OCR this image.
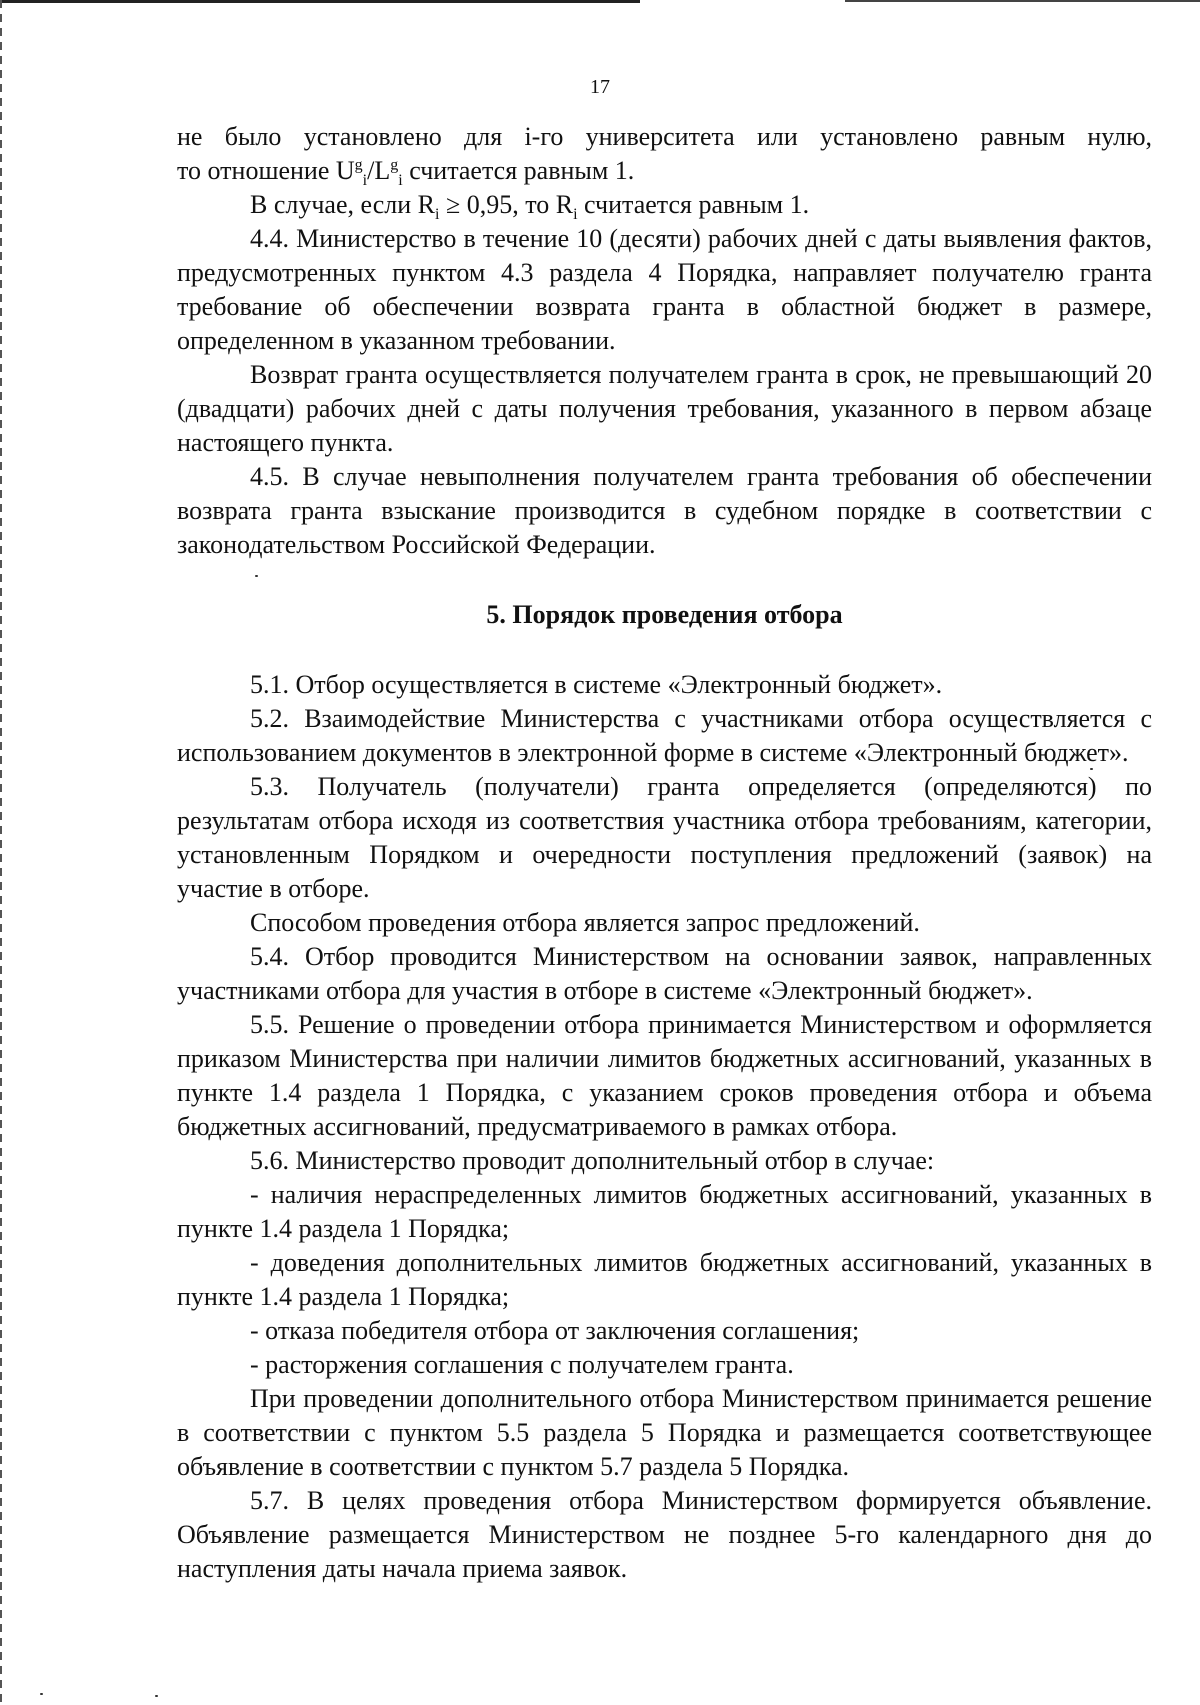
17

не было установлено для i-го университета или установлено равным нулю,

то отношение $U^g_i/L^g_i$ считается равным 1.

В случае, если $R_i \ge 0,95$, то $R_i$ считается равным 1.

4.4. Министерство в течение 10 (десяти) рабочих дней с даты выявления фактов, предусмотренных пунктом 4.3 раздела 4 Порядка, направляет получателю гранта требование об обеспечении возврата гранта в областной бюджет в размере, определенном в указанном требовании.

Возврат гранта осуществляется получателем гранта в срок, не превышающий 20 (двадцати) рабочих дней с даты получения требования, указанного в первом абзаце настоящего пункта.

4.5. В случае невыполнения получателем гранта требования об обеспечении возврата гранта взыскание производится в судебном порядке в соответствии с законодательством Российской Федерации.

5. Порядок проведения отбора

5.1. Отбор осуществляется в системе «Электронный бюджет».

5.2. Взаимодействие Министерства с участниками отбора осуществляется с использованием документов в электронной форме в системе «Электронный бюджет».

5.3. Получатель (получатели) гранта определяется (определяются) по результатам отбора исходя из соответствия участника отбора требованиям, категории, установленным Порядком и очередности поступления предложений (заявок) на участие в отборе.

Способом проведения отбора является запрос предложений.

5.4. Отбор проводится Министерством на основании заявок, направленных участниками отбора для участия в отборе в системе «Электронный бюджет».

5.5. Решение о проведении отбора принимается Министерством и оформляется приказом Министерства при наличии лимитов бюджетных ассигнований, указанных в пункте 1.4 раздела 1 Порядка, с указанием сроков проведения отбора и объема бюджетных ассигнований, предусматриваемого в рамках отбора.

5.6. Министерство проводит дополнительный отбор в случае:

- наличия нераспределенных лимитов бюджетных ассигнований, указанных в пункте 1.4 раздела 1 Порядка;

- доведения дополнительных лимитов бюджетных ассигнований, указанных в пункте 1.4 раздела 1 Порядка;

- отказа победителя отбора от заключения соглашения;

- расторжения соглашения с получателем гранта.

При проведении дополнительного отбора Министерством принимается решение в соответствии с пунктом 5.5 раздела 5 Порядка и размещается соответствующее объявление в соответствии с пунктом 5.7 раздела 5 Порядка.

5.7. В целях проведения отбора Министерством формируется объявление. Объявление размещается Министерством не позднее 5-го календарного дня до наступления даты начала приема заявок.
